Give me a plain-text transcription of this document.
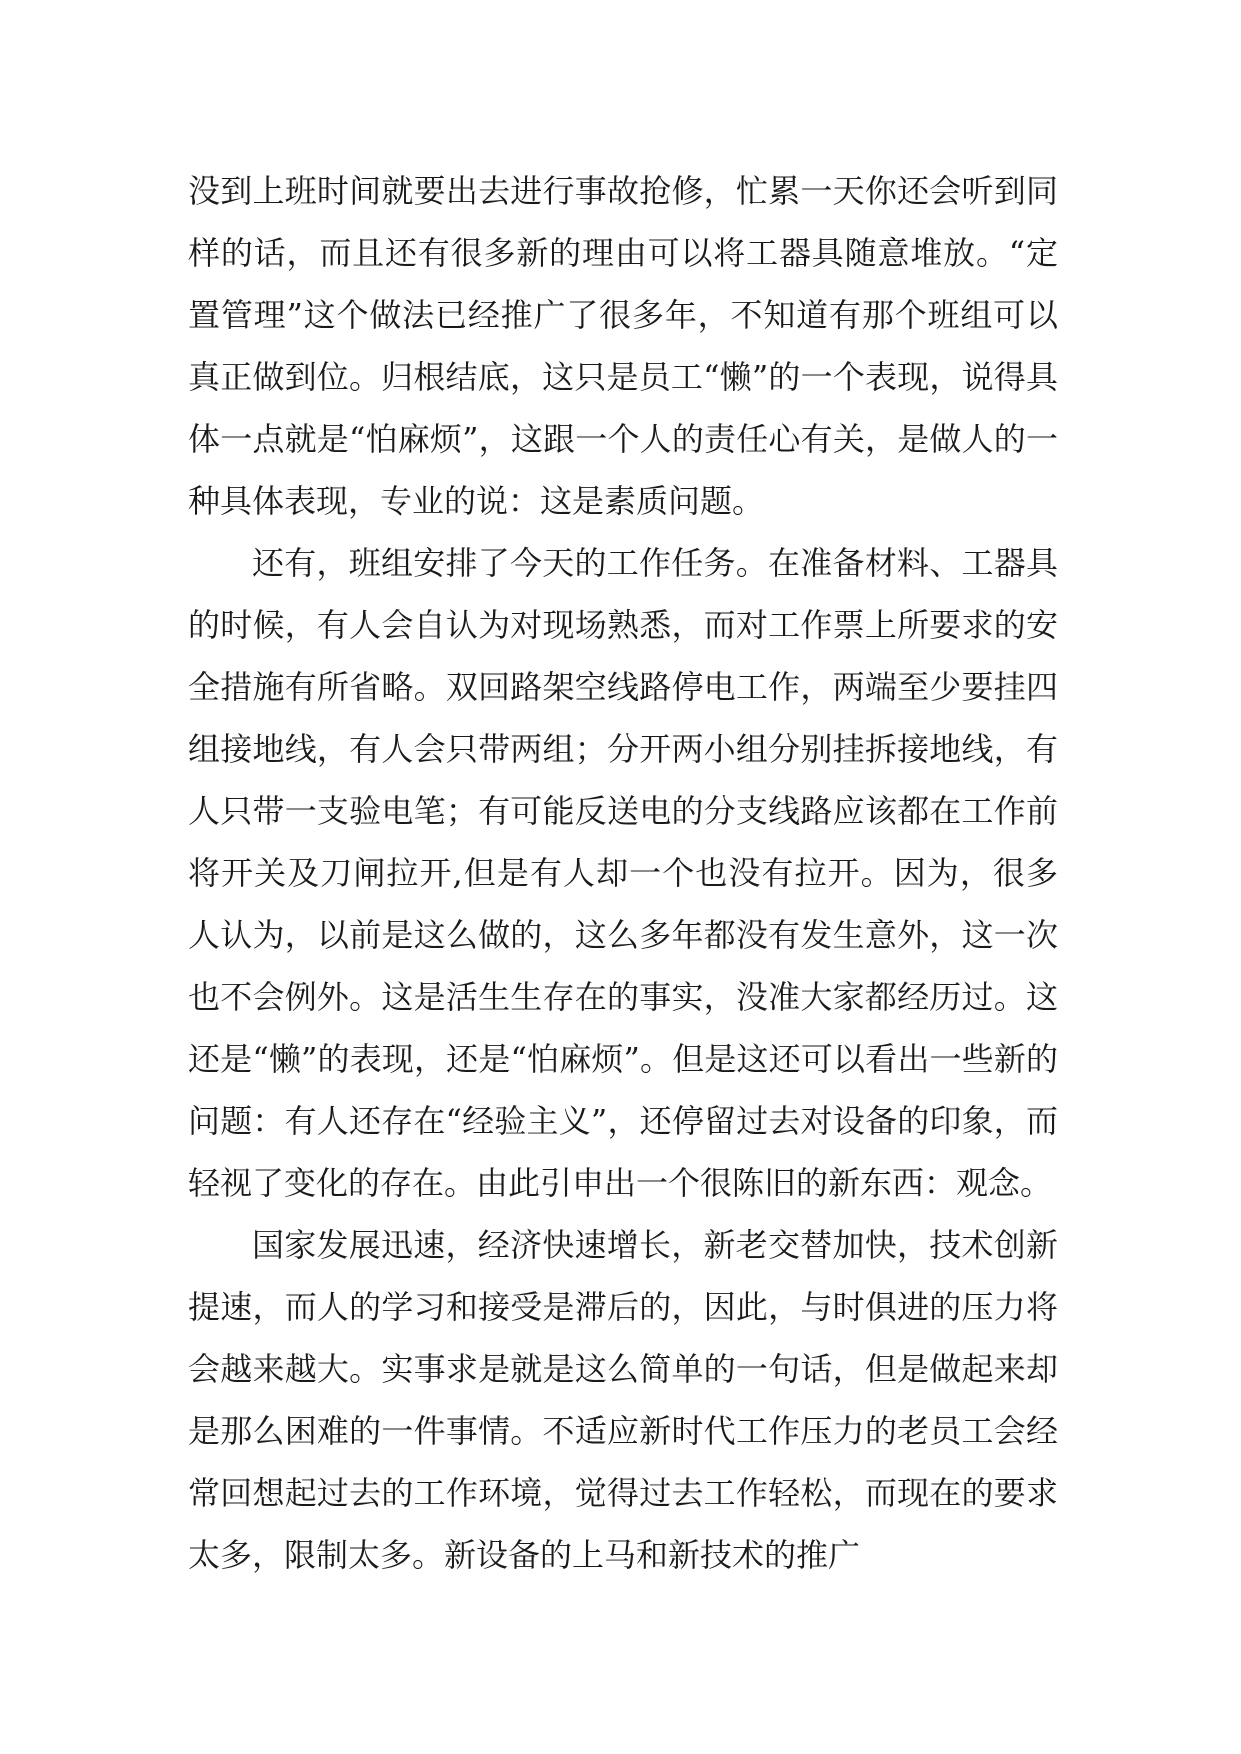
没到上班时间就要出去进行事故抢修，忙累一天你还会听到同样的话，而且还有很多新的理由可以将工器具随意堆放。“定置管理”这个做法已经推广了很多年，不知道有那个班组可以真正做到位。归根结底，这只是员工“懒”的一个表现，说得具体一点就是“怕麻烦”，这跟一个人的责任心有关，是做人的一种具体表现，专业的说：这是素质问题。

还有，班组安排了今天的工作任务。在准备材料、工器具的时候，有人会自认为对现场熟悉，而对工作票上所要求的安全措施有所省略。双回路架空线路停电工作，两端至少要挂四组接地线，有人会只带两组；分开两小组分别挂拆接地线，有人只带一支验电笔；有可能反送电的分支线路应该都在工作前将开关及刀闸拉开,但是有人却一个也没有拉开。因为，很多人认为，以前是这么做的，这么多年都没有发生意外，这一次也不会例外。这是活生生存在的事实，没准大家都经历过。这还是“懒”的表现，还是“怕麻烦”。但是这还可以看出一些新的问题：有人还存在“经验主义”，还停留过去对设备的印象，而轻视了变化的存在。由此引申出一个很陈旧的新东西：观念。

国家发展迅速，经济快速增长，新老交替加快，技术创新提速，而人的学习和接受是滞后的，因此，与时俱进的压力将会越来越大。实事求是就是这么简单的一句话，但是做起来却是那么困难的一件事情。不适应新时代工作压力的老员工会经常回想起过去的工作环境，觉得过去工作轻松，而现在的要求太多，限制太多。新设备的上马和新技术的推广
